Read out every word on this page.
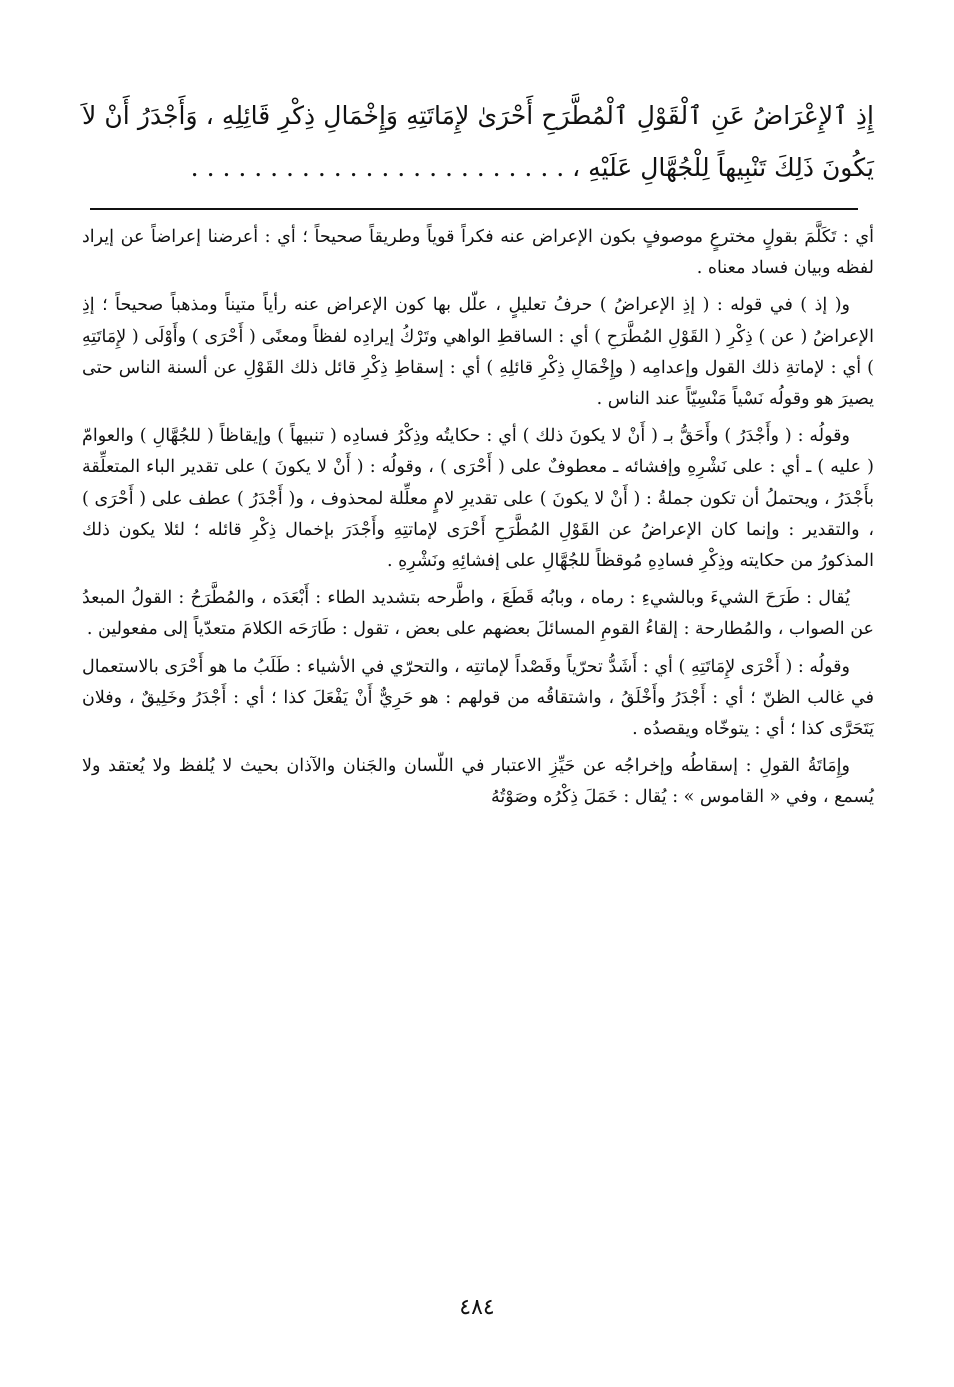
إِذِ ٱلإِعْرَاضُ عَنِ ٱلْقَوْلِ ٱلْمُطَّرَحِ أَحْرَىٰ لإِمَاتَتِهِ وَإِخْمَالِ ذِكْرِ قَائِلِهِ ، وَأَجْدَرُ أَنْ لاَ يَكُونَ ذَلِكَ تَنْبِيهاً لِلْجُهَّالِ عَلَيْهِ ، . . . . . . . . . . . . . . . . . . . . . . . .

أي : تَكَلَّمَ بقولٍ مخترعٍ موصوفٍ بكون الإعراض عنه فكراً قوياً وطريقاً صحيحاً ؛ أي : أعرضنا إعراضاً عن إيراد لفظه وبيان فساد معناه .

و( إذ ) في قوله : ( إذِ الإعراضُ ) حرفُ تعليلٍ ، علّل بها كون الإعراض عنه رأياً متيناً ومذهباً صحيحاً ؛ إذِ الإعراضُ ( عن ) ذِكْرِ ( القَوْلِ المُطَّرَحِ ) أي : الساقطِ الواهي وتَرْكُ إيرادِه لفظاً ومعنًى ( أَحْرَى ) وأَوْلَى ( لإِمَاتَتِهِ ) أي : لإماتةِ ذلك القول وإعدامِه ( وإِخْمَالِ ذِكْرِ قائلِهِ ) أي : إسقاطِ ذِكْرِ قائل ذلك القَوْلِ عن ألسنة الناس حتى يصيرَ هو وقولُه نَسْياً مَنْسِيّاً عند الناس .

وقولُه : ( وأَجْدَرُ ) وأَحَقُّ بـ ( أَنْ لا يكونَ ذلك ) أي : حكايتُه وذِكْرُ فسادِه ( تنبيهاً ) وإيقاظاً ( للجُهَّالِ ) والعوامّ ( عليه ) ـ أي : على نَشْرِهِ وإفشائه ـ معطوفٌ على ( أَحْرَى ) ، وقولُه : ( أَنْ لا يكونَ ) على تقدير الباء المتعلِّقة بأَجْدَرُ ، ويحتملُ أن تكون جملةُ : ( أَنْ لا يكونَ ) على تقديرِ لامٍ معلِّلة لمحذوف ، و( أَجْدَرُ ) عطف على ( أَحْرَى ) ، والتقدير : وإنما كان الإعراضُ عن القَوْلِ المُطَّرَحِ أَحْرَى لإماتتِهِ وأَجْدَرَ بإخمال ذِكْرِ قائله ؛ لئلا يكون ذلك المذكورُ من حكايته وذِكْرِ فسادِهِ مُوقظاً للجُهَّالِ على إفشائِهِ ونَشْرِهِ .

يُقال : طَرَحَ الشيءَ وبالشيءِ : رماه ، وبابُه قَطَعَ ، واطَّرحه بتشديد الطاء : أَبْعَدَه ، والمُطَّرَحُ : القولُ المبعدُ عن الصواب ، والمُطارحة : إلقاءُ القومِ المسائلَ بعضهم على بعض ، تقول : طَارَحَه الكلامَ متعدّياً إلى مفعولين .

وقولُه : ( أَحْرَى لإِمَاتَتِهِ ) أي : أَشَدُّ تحرّياً وقَصْداً لإماتتِه ، والتحرّي في الأشياء : طَلَبُ ما هو أَحْرَى بالاستعمال في غالب الظنّ ؛ أي : أَجْدَرُ وأَخْلَقُ ، واشتقاقُه من قولهم : هو حَرِيٌّ أَنْ يَفْعَلَ كذا ؛ أي : أَجْدَرُ وخَلِيقٌ ، وفلان يَتَحَرَّى كذا ؛ أي : يتوخّاه ويقصدُه .

وإِمَاتَةُ القولِ : إسقاطُه وإخراجُه عن حَيِّزِ الاعتبار في اللّسان والجَنان والآذان بحيث لا يُلفظ ولا يُعتقد ولا يُسمع ، وفي « القاموس » : يُقال : خَمَلَ ذِكْرُه وصَوْتُهُ

٤٨٤
